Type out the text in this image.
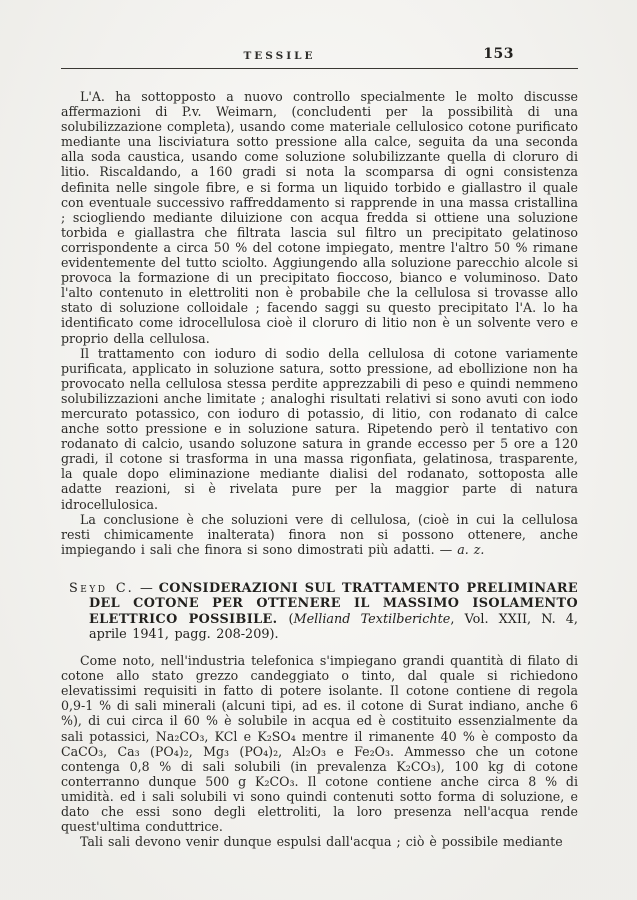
TESSILE	153

L'A. ha sottopposto a nuovo controllo specialmente le molto discusse affermazioni di P.v. Weimarn, (concludenti per la possibilità di una solubilizzazione completa), usando come materiale cellulosico cotone purificato mediante una lisciviatura sotto pressione alla calce, seguita da una seconda alla soda caustica, usando come soluzione solubilizzante quella di cloruro di litio. Riscaldando, a 160 gradi si nota la scomparsa di ogni consistenza definita nelle singole fibre, e si forma un liquido torbido e giallastro il quale con eventuale successivo raffreddamento si rapprende in una massa cristallina ; sciogliendo mediante diluizione con acqua fredda si ottiene una soluzione torbida e giallastra che filtrata lascia sul filtro un precipitato gelatinoso corrispondente a circa 50 % del cotone impiegato, mentre l'altro 50 % rimane evidentemente del tutto sciolto. Aggiungendo alla soluzione parecchio alcole si provoca la formazione di un precipitato fioccoso, bianco e voluminoso. Dato l'alto contenuto in elettroliti non è probabile che la cellulosa si trovasse allo stato di soluzione colloidale ; facendo saggi su questo precipitato l'A. lo ha identificato come idrocellulosa cioè il cloruro di litio non è un solvente vero e proprio della cellulosa.

Il trattamento con ioduro di sodio della cellulosa di cotone variamente purificata, applicato in soluzione satura, sotto pressione, ad ebollizione non ha provocato nella cellulosa stessa perdite apprezzabili di peso e quindi nemmeno solubilizzazioni anche limitate ; analoghi risultati relativi si sono avuti con iodo mercurato potassico, con ioduro di potassio, di litio, con rodanato di calce anche sotto pressione e in soluzione satura. Ripetendo però il tentativo con rodanato di calcio, usando soluzone satura in grande eccesso per 5 ore a 120 gradi, il cotone si trasforma in una massa rigonfiata, gelatinosa, trasparente, la quale dopo eliminazione mediante dialisi del rodanato, sottoposta alle adatte reazioni, si è rivelata pure per la maggior parte di natura idrocellulosica.

La conclusione è che soluzioni vere di cellulosa, (cioè in cui la cellulosa resti chimicamente inalterata) finora non si possono ottenere, anche impiegando i sali che finora si sono dimostrati più adatti. — a. z.

Seyd C. — CONSIDERAZIONI SUL TRATTAMENTO PRELIMINARE DEL COTONE PER OTTENERE IL MASSIMO ISOLAMENTO ELETTRICO POSSIBILE. (Melliand Textilberichte, Vol. XXII, N. 4, aprile 1941, pagg. 208-209).

Come noto, nell'industria telefonica s'impiegano grandi quantità di filato di cotone allo stato grezzo candeggiato o tinto, dal quale si richiedono elevatissimi requisiti in fatto di potere isolante. Il cotone contiene di regola 0,9-1 % di sali minerali (alcuni tipi, ad es. il cotone di Surat indiano, anche 6 %), di cui circa il 60 % è solubile in acqua ed è costituito essenzialmente da sali potassici, Na₂CO₃, KCl e K₂SO₄ mentre il rimanente 40 % è composto da CaCO₃, Ca₃ (PO₄)₂, Mg₃ (PO₄)₂, Al₂O₃ e Fe₂O₃. Ammesso che un cotone contenga 0,8 % di sali solubili (in prevalenza K₂CO₃), 100 kg di cotone conterranno dunque 500 g K₂CO₃. Il cotone contiene anche circa 8 % di umidità. ed i sali solubili vi sono quindi contenuti sotto forma di soluzione, e dato che essi sono degli elettroliti, la loro presenza nell'acqua rende quest'ultima conduttrice.

Tali sali devono venir dunque espulsi dall'acqua ; ciò è possibile mediante
